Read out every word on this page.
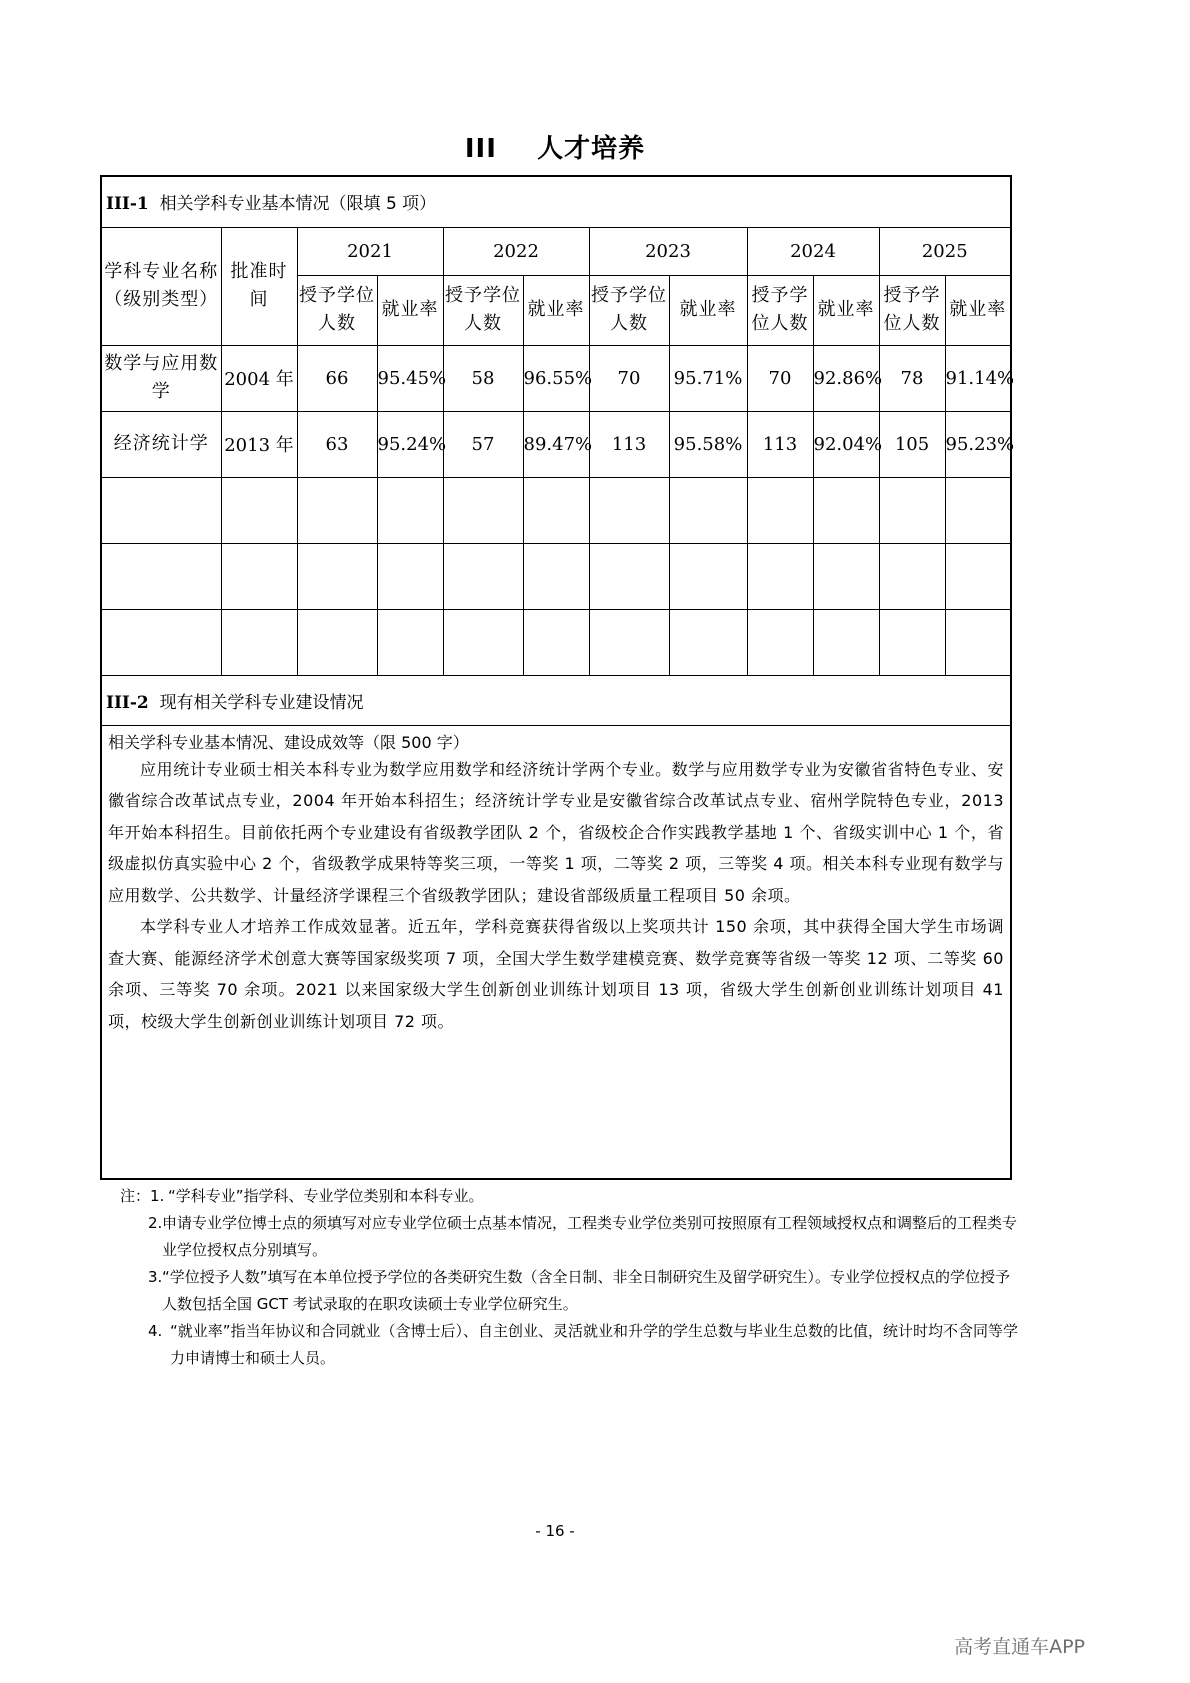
III    人才培养
III-1 相关学科专业基本情况（限填 5 项）											
学科专业名称（级别类型）	批准时间	2021		2022		2023		2024		2025	
		授予学位人数	就业率	授予学位人数	就业率	授予学位人数	就业率	授予学位人数	就业率	授予学位人数	就业率
数学与应用数学	2004 年	66	95.45%	58	96.55%	70	95.71%	70	92.86%	78	91.14%
经济统计学	2013 年	63	95.24%	57	89.47%	113	95.58%	113	92.04%	105	95.23%

III-2 现有相关学科专业建设情况											

相关学科专业基本情况、建设成效等（限 500 字）

应用统计专业硕士相关本科专业为数学应用数学和经济统计学两个专业。数学与应用数学专业为安徽省省特色专业、安徽省综合改革试点专业，2004 年开始本科招生；经济统计学专业是安徽省综合改革试点专业、宿州学院特色专业，2013 年开始本科招生。目前依托两个专业建设有省级教学团队 2 个，省级校企合作实践教学基地 1 个、省级实训中心 1 个，省级虚拟仿真实验中心 2 个，省级教学成果特等奖三项，一等奖 1 项，二等奖 2 项，三等奖 4 项。相关本科专业现有数学与应用数学、公共数学、计量经济学课程三个省级教学团队；建设省部级质量工程项目 50 余项。

本学科专业人才培养工作成效显著。近五年，学科竞赛获得省级以上奖项共计 150 余项，其中获得全国大学生市场调查大赛、能源经济学术创意大赛等国家级奖项 7 项，全国大学生数学建模竞赛、数学竞赛等省级一等奖 12 项、二等奖 60 余项、三等奖 70 余项。2021 以来国家级大学生创新创业训练计划项目 13 项，省级大学生创新创业训练计划项目 41 项，校级大学生创新创业训练计划项目 72 项。											

注：1. “学科专业”指学科、专业学位类别和本科专业。
2. 申请专业学位博士点的须填写对应专业学位硕士点基本情况，工程类专业学位类别可按照原有工程领域授权点和调整后的工程类专业学位授权点分别填写。
3. “学位授予人数”填写在本单位授予学位的各类研究生数（含全日制、非全日制研究生及留学研究生）。专业学位授权点的学位授予人数包括全国 GCT 考试录取的在职攻读硕士专业学位研究生。
4. “就业率”指当年协议和合同就业（含博士后）、自主创业、灵活就业和升学的学生总数与毕业生总数的比值，统计时均不含同等学力申请博士和硕士人员。
- 16 -
高考直通车APP
